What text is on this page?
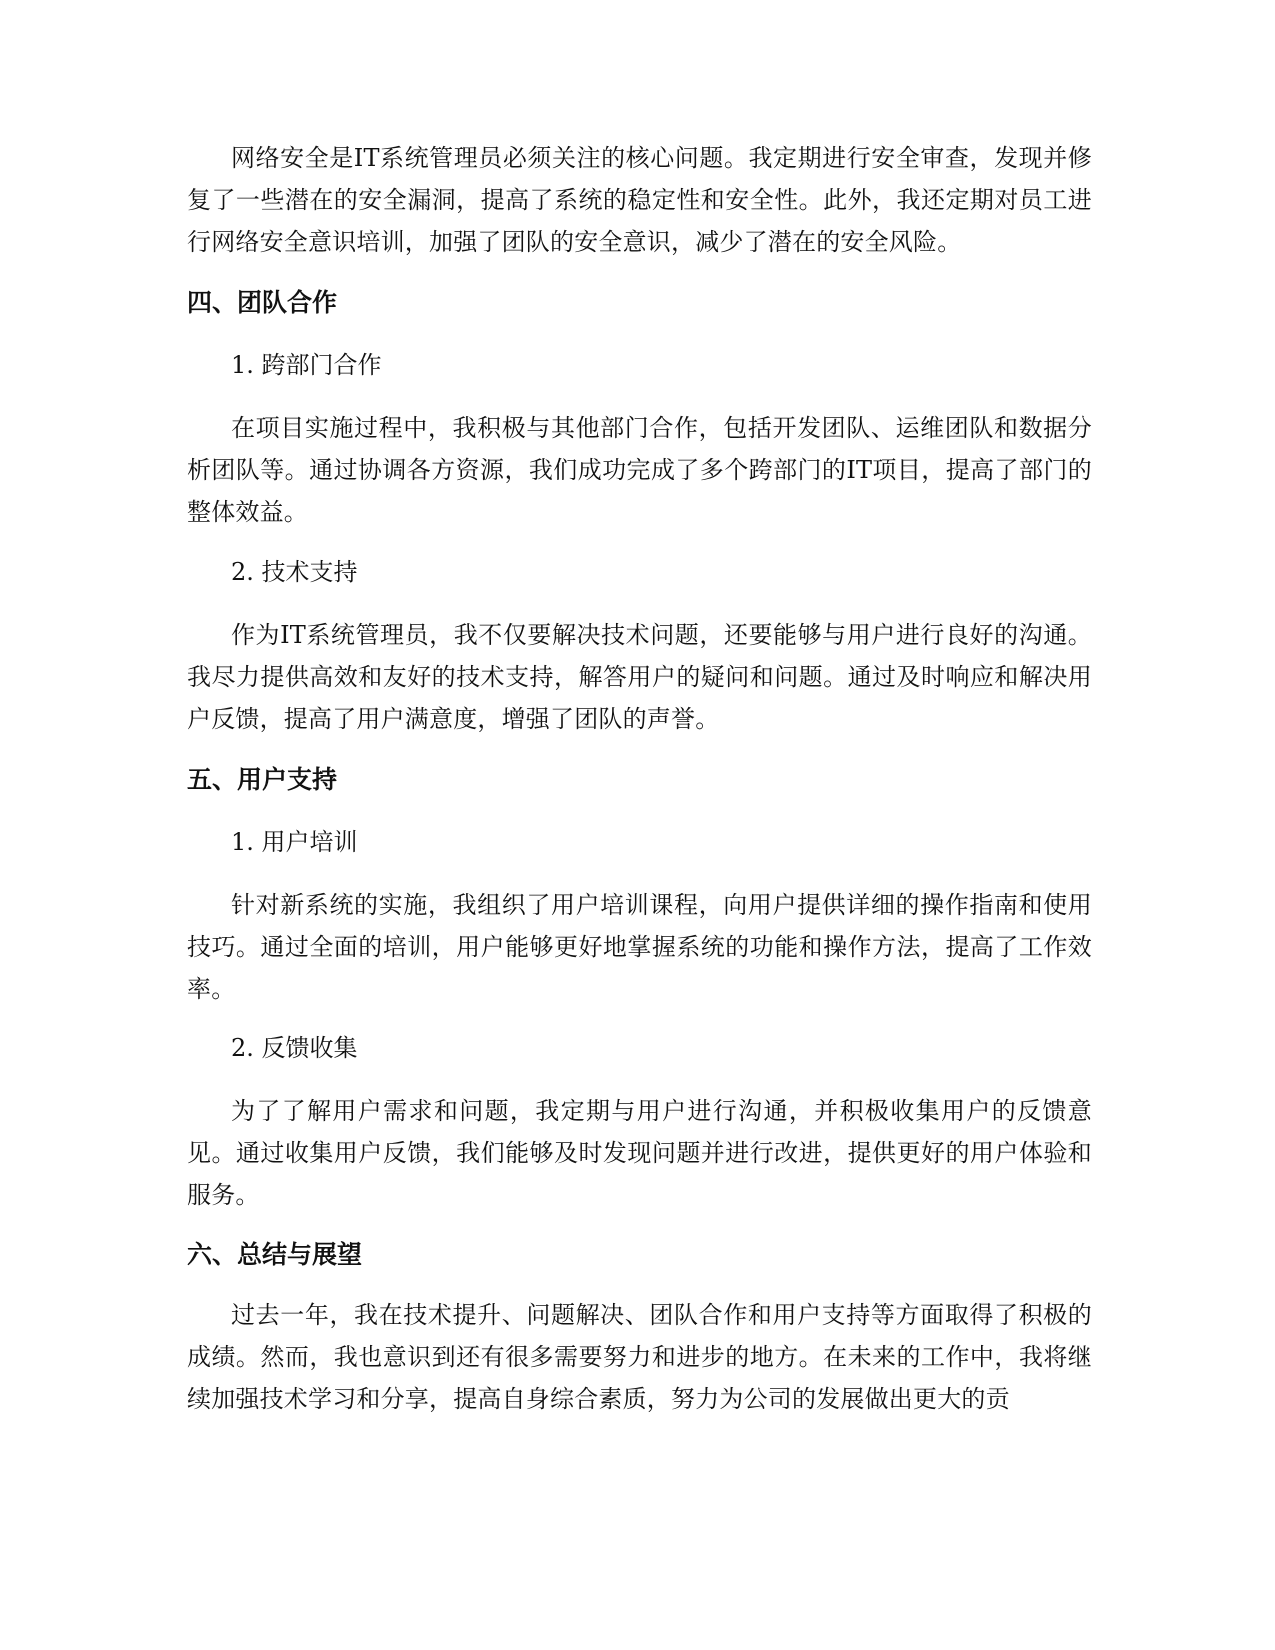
网络安全是IT系统管理员必须关注的核心问题。我定期进行安全审查，发现并修复了一些潜在的安全漏洞，提高了系统的稳定性和安全性。此外，我还定期对员工进行网络安全意识培训，加强了团队的安全意识，减少了潜在的安全风险。

四、团队合作
1. 跨部门合作

在项目实施过程中，我积极与其他部门合作，包括开发团队、运维团队和数据分析团队等。通过协调各方资源，我们成功完成了多个跨部门的IT项目，提高了部门的整体效益。

2. 技术支持

作为IT系统管理员，我不仅要解决技术问题，还要能够与用户进行良好的沟通。我尽力提供高效和友好的技术支持，解答用户的疑问和问题。通过及时响应和解决用户反馈，提高了用户满意度，增强了团队的声誉。

五、用户支持
1. 用户培训

针对新系统的实施，我组织了用户培训课程，向用户提供详细的操作指南和使用技巧。通过全面的培训，用户能够更好地掌握系统的功能和操作方法，提高了工作效率。

2. 反馈收集

为了了解用户需求和问题，我定期与用户进行沟通，并积极收集用户的反馈意见。通过收集用户反馈，我们能够及时发现问题并进行改进，提供更好的用户体验和服务。

六、总结与展望

过去一年，我在技术提升、问题解决、团队合作和用户支持等方面取得了积极的成绩。然而，我也意识到还有很多需要努力和进步的地方。在未来的工作中，我将继续加强技术学习和分享，提高自身综合素质，努力为公司的发展做出更大的贡
